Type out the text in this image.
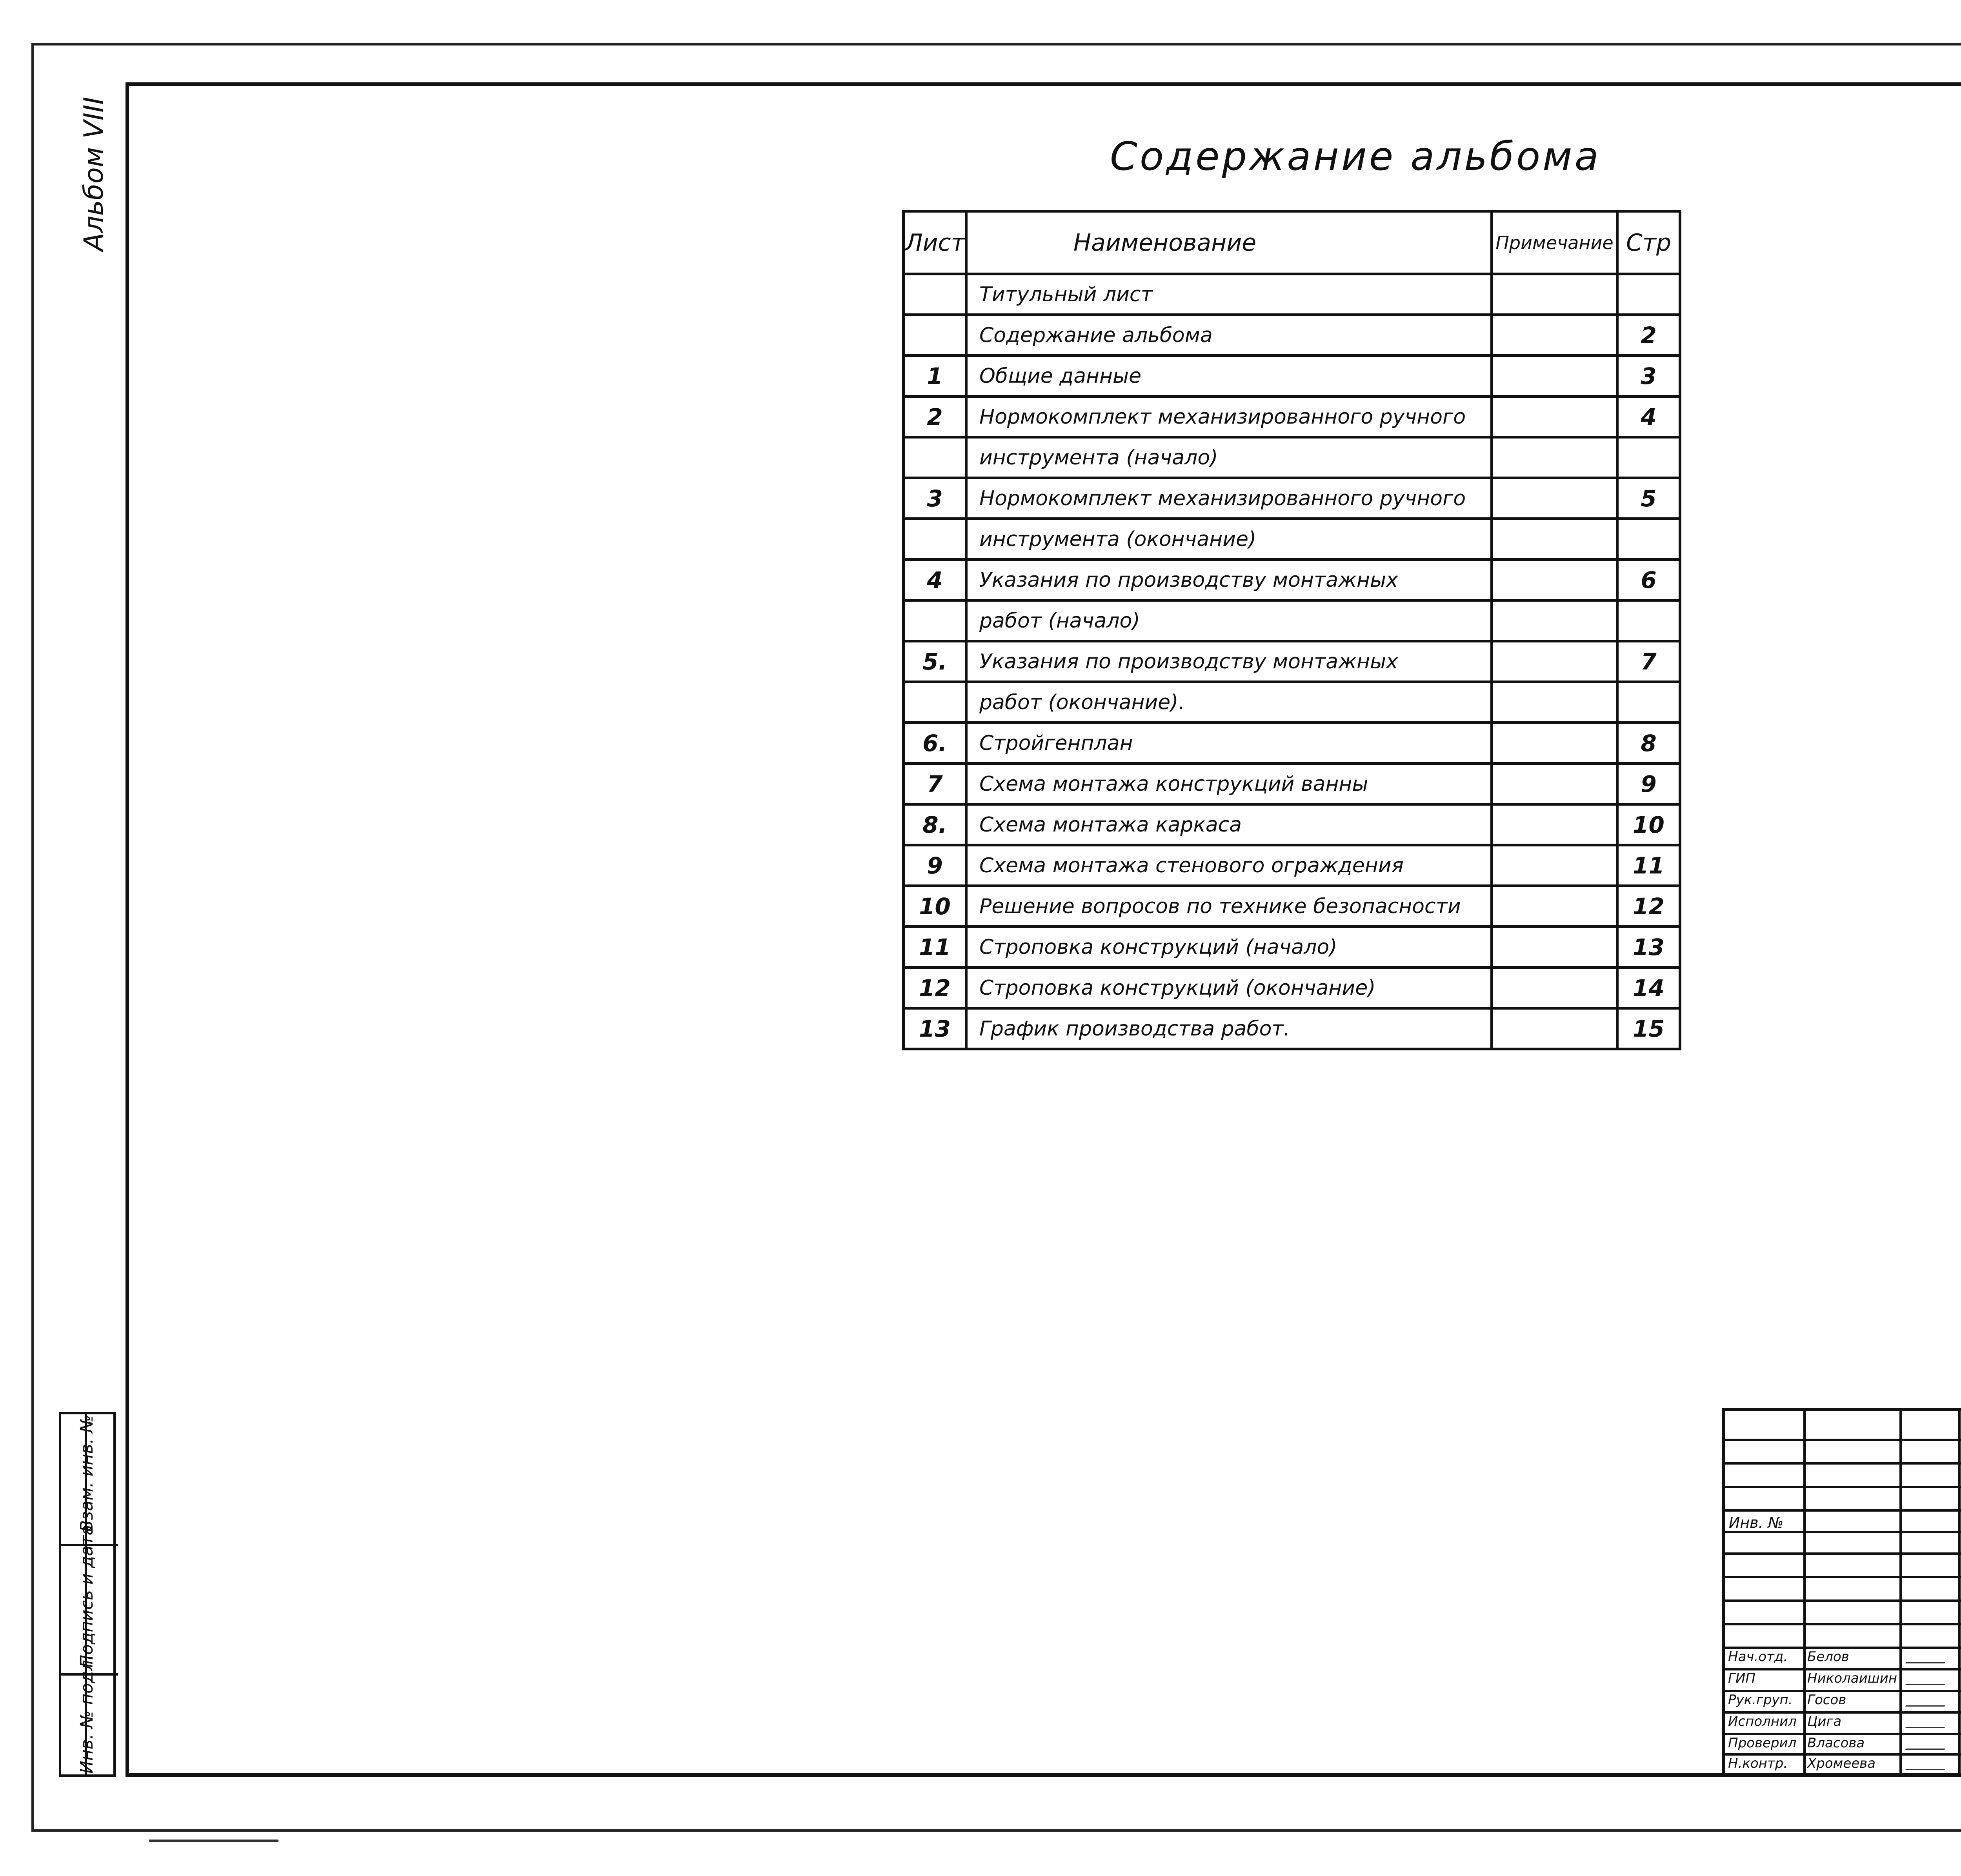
Альбом VIII	Содержание альбома
Лист	Наименование	Примечание	Стр
	Титульный лист		
	Содержание альбома		2
1	Общие данные		3
2	Нормокомплект механизированного ручного		4
	инструмента (начало)		
3	Нормокомплект механизированного ручного		5
	инструмента (окончание)		
4	Указания по производству монтажных		6
	работ (начало)		
5.	Указания по производству монтажных		7
	работ (окончание).		
6.	Стройгенплан		8
7	Схема монтажа конструкций ванны		9
8.	Схема монтажа каркаса		10
9	Схема монтажа стенового ограждения		11
10	Решение вопросов по технике безопасности		12
11	Строповка конструкций (начало)		13
12	Строповка конструкций (окончание)		14
13	График производства работ.		15
Взам. инв. №
Подпись и дата
Инв. № подл.
Инв. №
Нач.отд. Белов
ГИП	Николаишин
Рук.груп. Госов
Исполнил Цига
Проверил Власова
Н.контр. Хромеева
